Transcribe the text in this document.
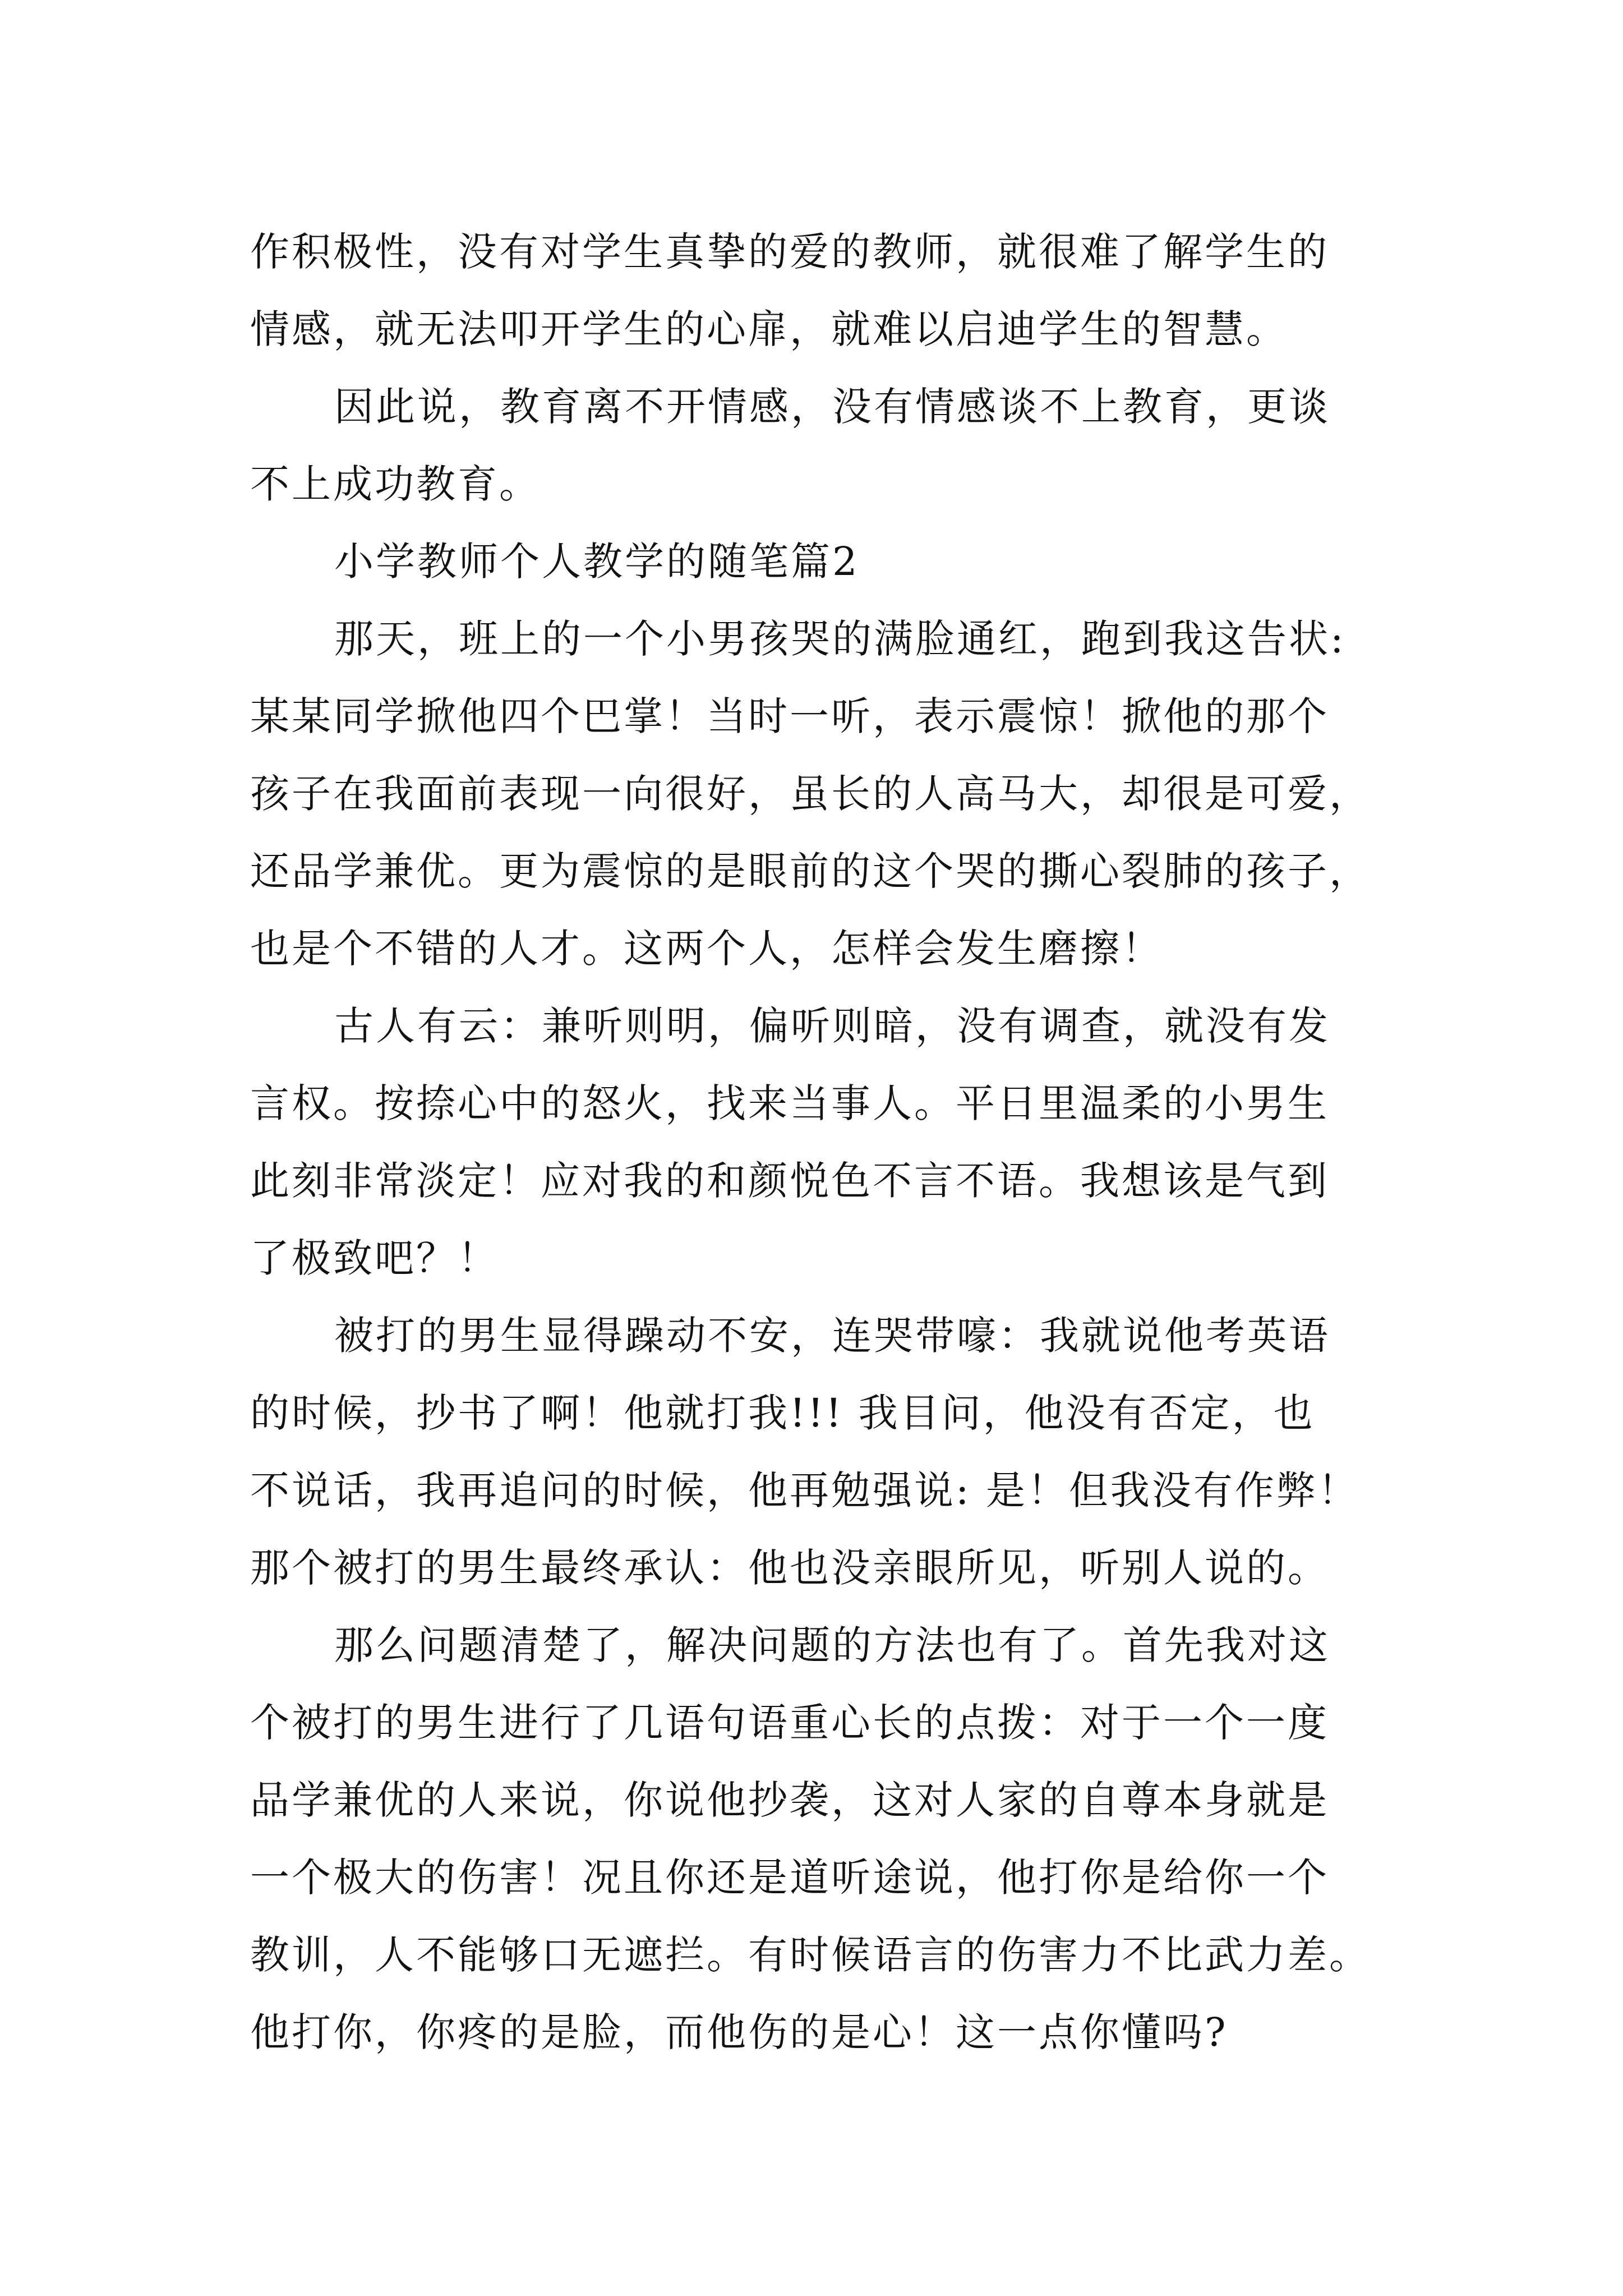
作积极性，没有对学生真挚的爱的教师，就很难了解学生的
情感，就无法叩开学生的心扉，就难以启迪学生的智慧。
因此说，教育离不开情感，没有情感谈不上教育，更谈
不上成功教育。
小学教师个人教学的随笔篇2
那天，班上的一个小男孩哭的满脸通红，跑到我这告状:
某某同学掀他四个巴掌！当时一听，表示震惊！掀他的那个
孩子在我面前表现一向很好，虽长的人高马大，却很是可爱，
还品学兼优。更为震惊的是眼前的这个哭的撕心裂肺的孩子，
也是个不错的人才。这两个人，怎样会发生磨擦！
古人有云：兼听则明，偏听则暗，没有调查，就没有发
言权。按捺心中的怒火，找来当事人。平日里温柔的小男生
此刻非常淡定！应对我的和颜悦色不言不语。我想该是气到
了极致吧？！
被打的男生显得躁动不安，连哭带嚎：我就说他考英语
的时候，抄书了啊！他就打我!!! 我目问，他没有否定，也
不说话，我再追问的时候，他再勉强说: 是！但我没有作弊！
那个被打的男生最终承认：他也没亲眼所见，听别人说的。
那么问题清楚了，解决问题的方法也有了。首先我对这
个被打的男生进行了几语句语重心长的点拨：对于一个一度
品学兼优的人来说，你说他抄袭，这对人家的自尊本身就是
一个极大的伤害！况且你还是道听途说，他打你是给你一个
教训，人不能够口无遮拦。有时候语言的伤害力不比武力差。
他打你，你疼的是脸，而他伤的是心！这一点你懂吗?
